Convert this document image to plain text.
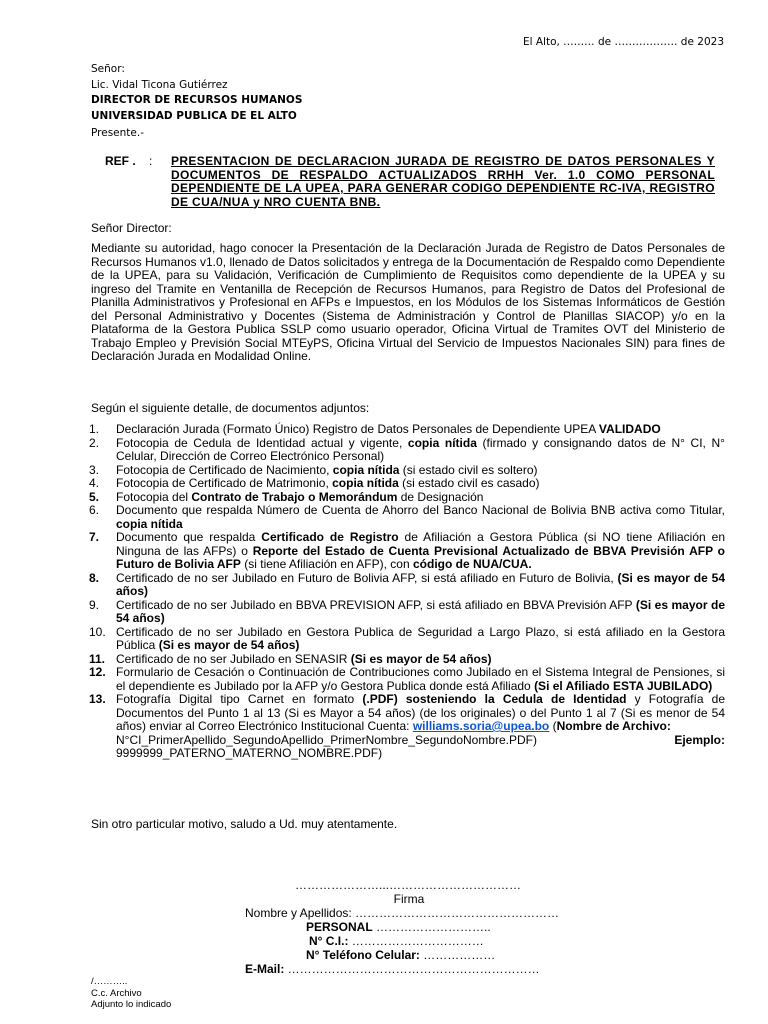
El Alto, ……… de ……………… de 2023
Señor:
Lic. Vidal Ticona Gutiérrez
DIRECTOR DE RECURSOS HUMANOS
UNIVERSIDAD PUBLICA DE EL ALTO
Presente.-
REF .	: PRESENTACION DE DECLARACION JURADA DE REGISTRO DE DATOS PERSONALES Y DOCUMENTOS DE RESPALDO ACTUALIZADOS RRHH Ver. 1.0 COMO PERSONAL DEPENDIENTE DE LA UPEA, PARA GENERAR CODIGO DEPENDIENTE RC-IVA, REGISTRO DE CUA/NUA y NRO CUENTA BNB.
Señor Director:
Mediante su autoridad, hago conocer la Presentación de la Declaración Jurada de Registro de Datos Personales de Recursos Humanos v1.0, llenado de Datos solicitados y entrega de la Documentación de Respaldo como Dependiente de la UPEA, para su Validación, Verificación de Cumplimiento de Requisitos como dependiente de la UPEA y su ingreso del Tramite en Ventanilla de Recepción de Recursos Humanos, para Registro de Datos del Profesional de Planilla Administrativos y Profesional en AFPs e Impuestos, en los Módulos de los Sistemas Informáticos de Gestión del Personal Administrativo y Docentes (Sistema de Administración y Control de Planillas SIACOP) y/o en la Plataforma de la Gestora Publica SSLP como usuario operador, Oficina Virtual de Tramites OVT del Ministerio de Trabajo Empleo y Previsión Social MTEyPS, Oficina Virtual del Servicio de Impuestos Nacionales SIN) para fines de Declaración Jurada en Modalidad Online.
Según el siguiente detalle, de documentos adjuntos:
1. Declaración Jurada (Formato Único) Registro de Datos Personales de Dependiente UPEA VALIDADO
2. Fotocopia de Cedula de Identidad actual y vigente, copia nítida (firmado y consignando datos de N° CI, N° Celular, Dirección de Correo Electrónico Personal)
3. Fotocopia de Certificado de Nacimiento, copia nítida (si estado civil es soltero)
4. Fotocopia de Certificado de Matrimonio, copia nítida (si estado civil es casado)
5. Fotocopia del Contrato de Trabajo o Memorándum de Designación
6. Documento que respalda Número de Cuenta de Ahorro del Banco Nacional de Bolivia BNB activa como Titular, copia nítida
7. Documento que respalda Certificado de Registro de Afiliación a Gestora Pública (si NO tiene Afiliación en Ninguna de las AFPs) o Reporte del Estado de Cuenta Previsional Actualizado de BBVA Previsión AFP o Futuro de Bolivia AFP (si tiene Afiliación en AFP), con código de NUA/CUA.
8. Certificado de no ser Jubilado en Futuro de Bolivia AFP, si está afiliado en Futuro de Bolivia, (Si es mayor de 54 años)
9. Certificado de no ser Jubilado en BBVA PREVISION AFP, si está afiliado en BBVA Previsión AFP (Si es mayor de 54 años)
10. Certificado de no ser Jubilado en Gestora Publica de Seguridad a Largo Plazo, si está afiliado en la Gestora Pública (Si es mayor de 54 años)
11. Certificado de no ser Jubilado en SENASIR (Si es mayor de 54 años)
12. Formulario de Cesación o Continuación de Contribuciones como Jubilado en el Sistema Integral de Pensiones, si el dependiente es Jubilado por la AFP y/o Gestora Publica donde está Afiliado (Si el Afiliado ESTA JUBILADO)
13. Fotografía Digital tipo Carnet en formato (.PDF) sosteniendo la Cedula de Identidad y Fotografía de Documentos del Punto 1 al 13 (Si es Mayor a 54 años) (de los originales) o del Punto 1 al 7 (Si es menor de 54 años) enviar al Correo Electrónico Institucional Cuenta: williams.soria@upea.bo (Nombre de Archivo:
N°CI_PrimerApellido_SegundoApellido_PrimerNombre_SegundoNombre.PDF)	Ejemplo:
9999999_PATERNO_MATERNO_NOMBRE.PDF)
Sin otro particular motivo, saludo a Ud. muy atentamente.
…………………...……………………………
Firma
Nombre y Apellidos: ……………………………………………
PERSONAL ………………………..
N° C.I.: ……………………………
N° Teléfono Celular: ………………
E-Mail: ………………………………………………………
/………..
C.c. Archivo
Adjunto lo indicado
